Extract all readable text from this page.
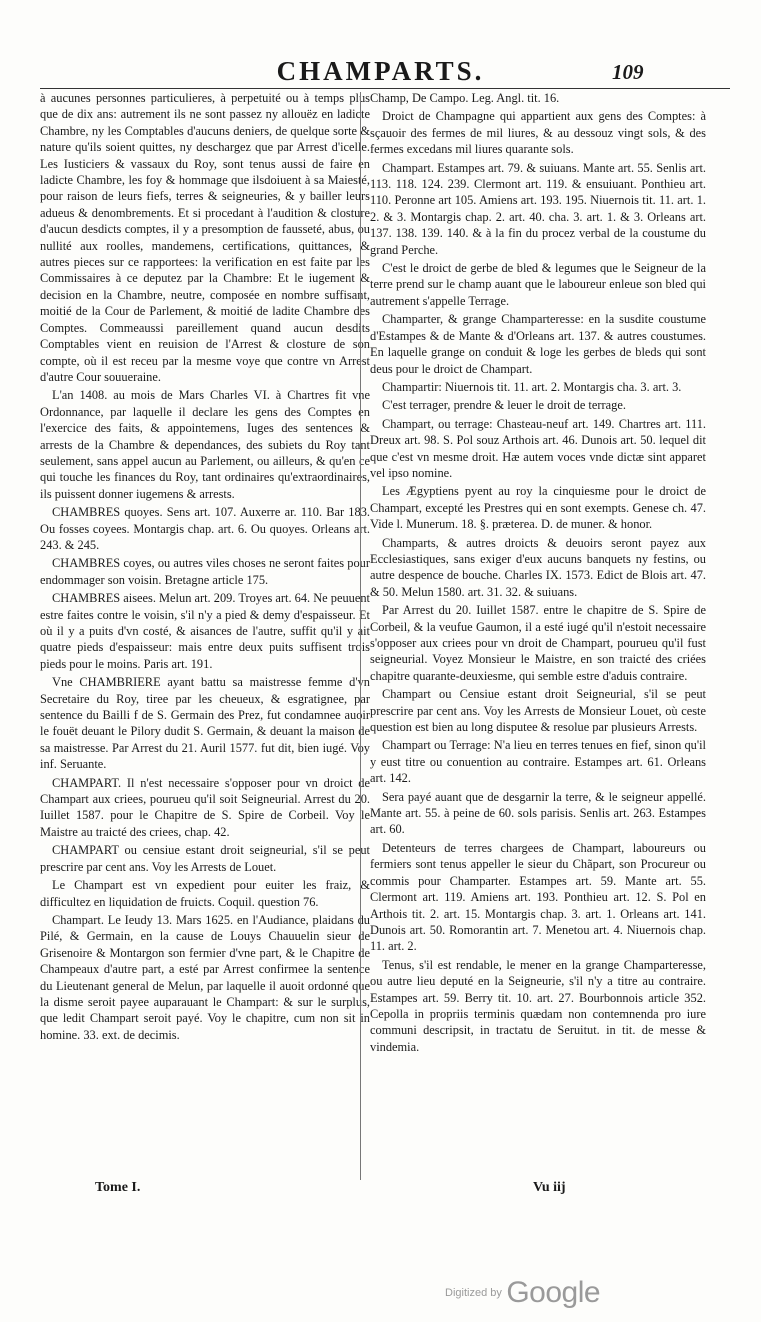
CHAMPARTS.	109

à aucunes personnes particulieres, à perpetuité ou à temps plus que de dix ans: autrement ils ne sont passez ny allouëz en ladicte Chambre, ny les Comptables d'aucuns deniers, de quelque sorte & nature qu'ils soient quittes, ny deschargez que par Arrest d'icelle. Les Iusticiers & vassaux du Roy, sont tenus aussi de faire en ladicte Chambre, les foy & hommage que ilsdoiuent à sa Maiesté, pour raison de leurs fiefs, terres & seigneuries, & y bailler leurs adueus & denombrements. Et si procedant à l'audition & closture d'aucun desdicts comptes, il y a presomption de fausseté, abus, ou nullité aux roolles, mandemens, certifications, quittances, & autres pieces sur ce rapportees: la verification en est faite par les Commissaires à ce deputez par la Chambre: Et le iugement & decision en la Chambre, neutre, composée en nombre suffisant, moitié de la Cour de Parlement, & moitié de ladite Chambre des Comptes. Commeaussi pareillement quand aucun desdits Comptables vient en reuision de l'Arrest & closture de son compte, où il est receu par la mesme voye que contre vn Arrest d'autre Cour souueraine.

L'an 1408. au mois de Mars Charles VI. à Chartres fit vne Ordonnance, par laquelle il declare les gens des Comptes en l'exercice des faits, & appointemens, Iuges des sentences & arrests de la Chambre & dependances, des subiets du Roy tant seulement, sans appel aucun au Parlement, ou ailleurs, & qu'en ce qui touche les finances du Roy, tant ordinaires qu'extraordinaires, ils puissent donner iugemens & arrests.

CHAMBRES quoyes. Sens art. 107. Auxerre ar. 110. Bar 183. Ou fosses coyees. Montargis chap. art. 6. Ou quoyes. Orleans art. 243. & 245.

CHAMBRES coyes, ou autres viles choses ne seront faites pour endommager son voisin. Bretagne article 175.

CHAMBRES aisees. Melun art. 209. Troyes art. 64. Ne peuuent estre faites contre le voisin, s'il n'y a pied & demy d'espaisseur. Et où il y a puits d'vn costé, & aisances de l'autre, suffit qu'il y ait quatre pieds d'espaisseur: mais entre deux puits suffisent trois pieds pour le moins. Paris art. 191.

Vne CHAMBRIERE ayant battu sa maistresse femme d'vn Secretaire du Roy, tiree par les cheueux, & esgratignee, par sentence du Bailli f de S. Germain des Prez, fut condamnee auoir le fouët deuant le Pilory dudit S. Germain, & deuant la maison de sa maistresse. Par Arrest du 21. Auril 1577. fut dit, bien iugé. Voy inf. Seruante.

CHAMPART. Il n'est necessaire s'opposer pour vn droict de Champart aux criees, pourueu qu'il soit Seigneurial. Arrest du 20. Iuillet 1587. pour le Chapitre de S. Spire de Corbeil. Voy le Maistre au traicté des criees, chap. 42.

CHAMPART ou censiue estant droit seigneurial, s'il se peut prescrire par cent ans. Voy les Arrests de Louet.

Le Champart est vn expedient pour euiter les fraiz, & difficultez en liquidation de fruicts. Coquil. question 76.

Champart. Le Ieudy 13. Mars 1625. en l'Audiance, plaidans du Pilé, & Germain, en la cause de Louys Chauuelin sieur de Grisenoire & Montargon son fermier d'vne part, & le Chapitre de Champeaux d'autre part, a esté par Arrest confirmee la sentence du Lieutenant general de Melun, par laquelle il auoit ordonné que la disme seroit payee auparauant le Champart: & sur le surplus, que ledit Champart seroit payé. Voy le chapitre, cum non sit in homine. 33. ext. de decimis.

Champ, De Campo. Leg. Angl. tit. 16.

Droict de Champagne qui appartient aux gens des Comptes: à sçauoir des fermes de mil liures, & au dessouz vingt sols, & des fermes excedans mil liures quarante sols.

Champart. Estampes art. 79. & suiuans. Mante art. 55. Senlis art. 113. 118. 124. 239. Clermont art. 119. & ensuiuant. Ponthieu art. 110. Peronne art 105. Amiens art. 193. 195. Niuernois tit. 11. art. 1. 2. & 3. Montargis chap. 2. art. 40. cha. 3. art. 1. & 3. Orleans art. 137. 138. 139. 140. & à la fin du procez verbal de la coustume du grand Perche.

C'est le droict de gerbe de bled & legumes que le Seigneur de la terre prend sur le champ auant que le laboureur enleue son bled qui autrement s'appelle Terrage.

Champarter, & grange Champarteresse: en la susdite coustume d'Estampes & de Mante & d'Orleans art. 137. & autres coustumes. En laquelle grange on conduit & loge les gerbes de bleds qui sont deus pour le droict de Champart.

Champartir: Niuernois tit. 11. art. 2. Montargis cha. 3. art. 3.

C'est terrager, prendre & leuer le droit de terrage.

Champart, ou terrage: Chasteau-neuf art. 149. Chartres art. 111. Dreux art. 98. S. Pol souz Arthois art. 46. Dunois art. 50. lequel dit que c'est vn mesme droit. Hæ autem voces vnde dictæ sint apparet vel ipso nomine.

Les Ægyptiens pyent au roy la cinquiesme pour le droict de Champart, excepté les Prestres qui en sont exempts. Genese ch. 47. Vide l. Munerum. 18. §. præterea. D. de muner. & honor.

Champarts, & autres droicts & deuoirs seront payez aux Ecclesiastiques, sans exiger d'eux aucuns banquets ny festins, ou autre despence de bouche. Charles IX. 1573. Edict de Blois art. 47. & 50. Melun 1580. art. 31. 32. & suiuans.

Par Arrest du 20. Iuillet 1587. entre le chapitre de S. Spire de Corbeil, & la veufue Gaumon, il a esté iugé qu'il n'estoit necessaire s'opposer aux criees pour vn droit de Champart, pourueu qu'il fust seigneurial. Voyez Monsieur le Maistre, en son traicté des criées chapitre quarante-deuxiesme, qui semble estre d'aduis contraire.

Champart ou Censiue estant droit Seigneurial, s'il se peut prescrire par cent ans. Voy les Arrests de Monsieur Louet, où ceste question est bien au long disputee & resolue par plusieurs Arrests.

Champart ou Terrage: N'a lieu en terres tenues en fief, sinon qu'il y eust titre ou conuention au contraire. Estampes art. 61. Orleans art. 142.

Sera payé auant que de desgarnir la terre, & le seigneur appellé. Mante art. 55. à peine de 60. sols parisis. Senlis art. 263. Estampes art. 60.

Detenteurs de terres chargees de Champart, laboureurs ou fermiers sont tenus appeller le sieur du Chãpart, son Procureur ou commis pour Champarter. Estampes art. 59. Mante art. 55. Clermont art. 119. Amiens art. 193. Ponthieu art. 12. S. Pol en Arthois tit. 2. art. 15. Montargis chap. 3. art. 1. Orleans art. 141. Dunois art. 50. Romorantin art. 7. Menetou art. 4. Niuernois chap. 11. art. 2.

Tenus, s'il est rendable, le mener en la grange Champarteresse, ou autre lieu deputé en la Seigneurie, s'il n'y a titre au contraire. Estampes art. 59. Berry tit. 10. art. 27. Bourbonnois article 352. Cepolla in propriis terminis quædam non contemnenda pro iure communi descripsit, in tractatu de Seruitut. in tit. de messe & vindemia.

Tome I.	Vu iij
Digitized by Google
